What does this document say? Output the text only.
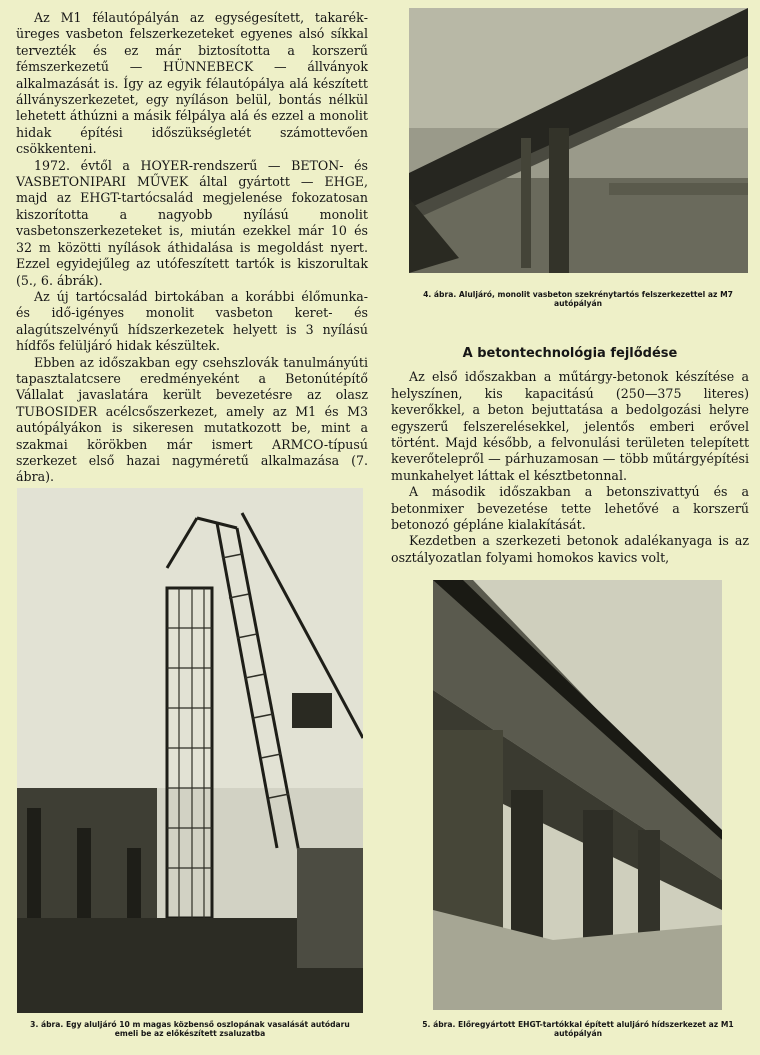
Az M1 félautópályán az egységesített, takaréküreges vasbeton felszerkezeteket egyenes alsó síkkal tervezték és ez már biztosította a korszerű fémszerkezetű — HÜNNEBECK — állványok alkalmazását is. Így az egyik félautópálya alá készített állványszerkezetet, egy nyíláson belül, bontás nélkül lehetett áthúzni a másik félpálya alá és ezzel a monolit hidak építési időszükségletét számottevően csökkenteni.

1972. évtől a HOYER-rendszerű — BETON- és VASBETONIPARI MŰVEK által gyártott — EHGE, majd az EHGT-tartócsalád megjelenése fokozatosan kiszorította a nagyobb nyílású monolit vasbetonszerkezeteket is, miután ezekkel már 10 és 32 m közötti nyílások áthidalása is megoldást nyert. Ezzel egyidejűleg az utófeszített tartók is kiszorultak (5., 6. ábrák).

Az új tartócsalád birtokában a korábbi élőmunka- és idő-igényes monolit vasbeton keret- és alagútszelvényű hídszerkezetek helyett is 3 nyílású hídfős felüljáró hidak készültek.

Ebben az időszakban egy csehszlovák tanulmányúti tapasztalatcsere eredményeként a Betonútépítő Vállalat javaslatára került bevezetésre az olasz TUBOSIDER acélcsőszerkezet, amely az M1 és M3 autópályákon is sikeresen mutatkozott be, mint a szakmai körökben már ismert ARMCO-típusú szerkezet első hazai nagyméretű alkalmazása (7. ábra).

4. ábra. Aluljáró, monolit vasbeton szekrénytartós felszerkezettel az M7 autópályán
A betontechnológia fejlődése

Az első időszakban a műtárgy-betonok készítése a helyszínen, kis kapacitású (250—375 literes) keverőkkel, a beton bejuttatása a bedolgozási helyre egyszerű felszerelésekkel, jelentős emberi erővel történt. Majd később, a felvonulási területen telepített keverőtelepről — párhuzamosan — több műtárgyépítési munkahelyet láttak el késztbetonnal.

A második időszakban a betonszivattyú és a betonmixer bevezetése tette lehetővé a korszerű betonozó gépláne kialakítását.

Kezdetben a szerkezeti betonok adalékanyaga is az osztályozatlan folyami homokos kavics volt,

3. ábra. Egy aluljáró 10 m magas közbenső oszlopának vasalását autódaru emeli be az előkészített zsaluzatba
5. ábra. Előregyártott EHGT-tartókkal épített aluljáró hídszerkezet az M1 autópályán
